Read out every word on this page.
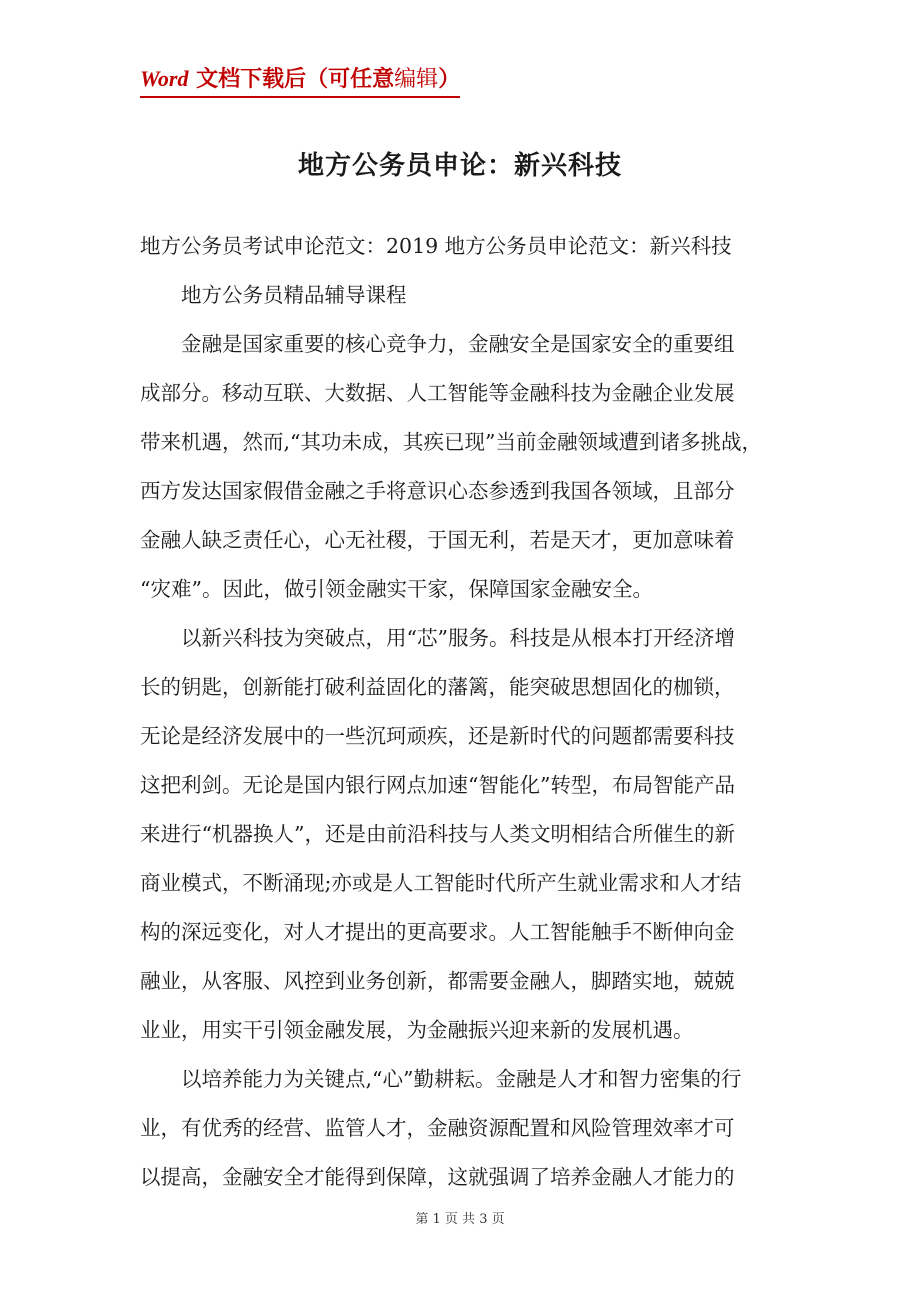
Word 文档下载后（可任意编辑）
地方公务员申论：新兴科技
地方公务员考试申论范文：2019 地方公务员申论范文：新兴科技
地方公务员精品辅导课程
金融是国家重要的核心竞争力，金融安全是国家安全的重要组
成部分。移动互联、大数据、人工智能等金融科技为金融企业发展
带来机遇，然而,“其功未成，其疾已现”当前金融领域遭到诸多挑战，
西方发达国家假借金融之手将意识心态参透到我国各领域，且部分
金融人缺乏责任心，心无社稷，于国无利，若是天才，更加意味着
“灾难”。因此，做引领金融实干家，保障国家金融安全。
以新兴科技为突破点，用“芯”服务。科技是从根本打开经济增
长的钥匙，创新能打破利益固化的藩篱，能突破思想固化的枷锁，
无论是经济发展中的一些沉珂顽疾，还是新时代的问题都需要科技
这把利剑。无论是国内银行网点加速“智能化”转型，布局智能产品
来进行“机器换人”，还是由前沿科技与人类文明相结合所催生的新
商业模式，不断涌现;亦或是人工智能时代所产生就业需求和人才结
构的深远变化，对人才提出的更高要求。人工智能触手不断伸向金
融业，从客服、风控到业务创新，都需要金融人，脚踏实地，兢兢
业业，用实干引领金融发展，为金融振兴迎来新的发展机遇。
以培养能力为关键点,“心”勤耕耘。金融是人才和智力密集的行
业，有优秀的经营、监管人才，金融资源配置和风险管理效率才可
以提高，金融安全才能得到保障，这就强调了培养金融人才能力的
第 1 页 共 3 页
